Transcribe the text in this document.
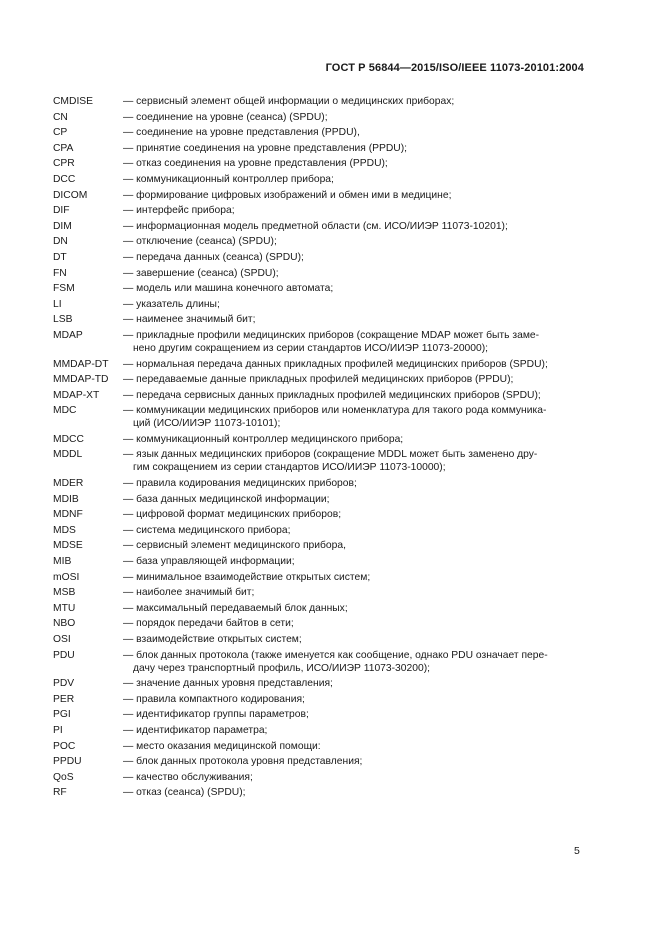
ГОСТ Р 56844—2015/ISO/IEEE 11073-20101:2004
CMDISE	— сервисный элемент общей информации о медицинских приборах;
CN	— соединение на уровне (сеанса) (SPDU);
CP	— соединение на уровне представления (PPDU),
CPA	— принятие соединения на уровне представления (PPDU);
CPR	— отказ соединения на уровне представления (PPDU);
DCC	— коммуникационный контроллер прибора;
DICOM	— формирование цифровых изображений и обмен ими в медицине;
DIF	— интерфейс прибора;
DIM	— информационная модель предметной области (см. ИСО/ИИЭР 11073-10201);
DN	— отключение (сеанса) (SPDU);
DT	— передача данных (сеанса) (SPDU);
FN	— завершение (сеанса) (SPDU);
FSM	— модель или машина конечного автомата;
LI	— указатель длины;
LSB	— наименее значимый бит;
MDAP	— прикладные профили медицинских приборов (сокращение MDAP может быть заме-
нено другим сокращением из серии стандартов ИСО/ИИЭР 11073-20000);
MMDAP-DT	— нормальная передача данных прикладных профилей медицинских приборов (SPDU);
MMDAP-TD	— передаваемые данные прикладных профилей медицинских приборов (PPDU);
MDAP-XT	— передача сервисных данных прикладных профилей медицинских приборов (SPDU);
MDC	— коммуникации медицинских приборов или номенклатура для такого рода коммуника-
ций (ИСО/ИИЭР 11073-10101);
MDCC	— коммуникационный контроллер медицинского прибора;
MDDL	— язык данных медицинских приборов (сокращение MDDL может быть заменено дру-
гим сокращением из серии стандартов ИСО/ИИЭР 11073-10000);
MDER	— правила кодирования медицинских приборов;
MDIB	— база данных медицинской информации;
MDNF	— цифровой формат медицинских приборов;
MDS	— система медицинского прибора;
MDSE	— сервисный элемент медицинского прибора,
MIB	— база управляющей информации;
mOSI	— минимальное взаимодействие открытых систем;
MSB	— наиболее значимый бит;
MTU	— максимальный передаваемый блок данных;
NBO	— порядок передачи байтов в сети;
OSI	— взаимодействие открытых систем;
PDU	— блок данных протокола (также именуется как сообщение, однако PDU означает пере-
дачу через транспортный профиль, ИСО/ИИЭР 11073-30200);
PDV	— значение данных уровня представления;
PER	— правила компактного кодирования;
PGI	— идентификатор группы параметров;
PI	— идентификатор параметра;
POC	— место оказания медицинской помощи:
PPDU	— блок данных протокола уровня представления;
QoS	— качество обслуживания;
RF	— отказ (сеанса) (SPDU);
5
